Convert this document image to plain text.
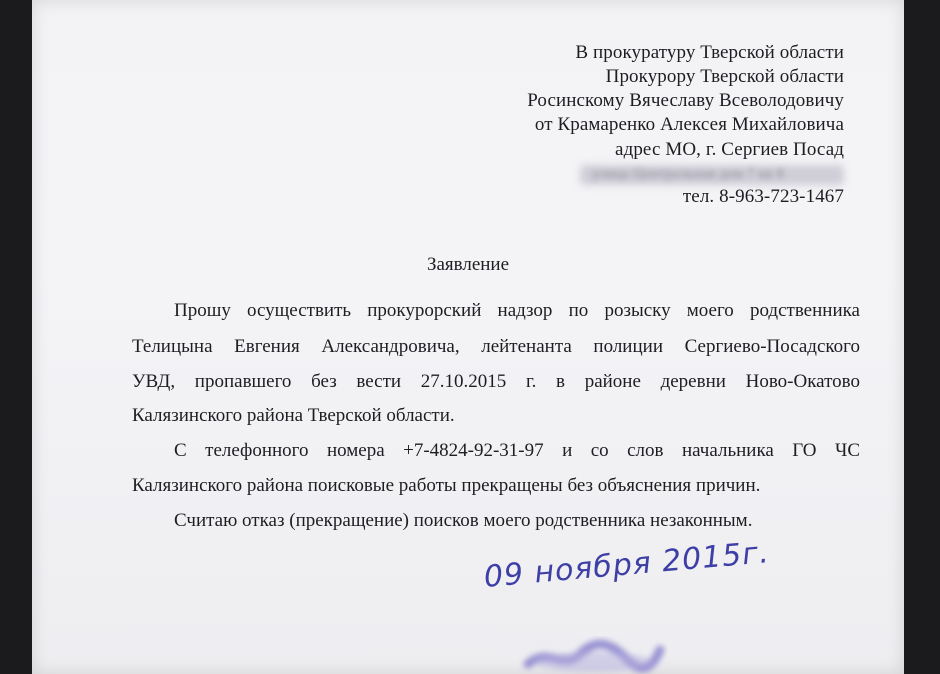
В прокуратуру Тверской области
Прокурору Тверской области
Росинскому Вячеславу Всеволодовичу
от Крамаренко Алексея Михайловича
адрес МО, г. Сергиев Посад
улица Центральная дом 7 кв 8
тел. 8-963-723-1467
Заявление
Прошу осуществить прокурорский надзор по розыску моего родственника
Телицына Евгения Александровича, лейтенанта полиции Сергиево-Посадского
УВД, пропавшего без вести 27.10.2015 г. в районе деревни Ново-Окатово
Калязинского района Тверской области.
С телефонного номера +7-4824-92-31-97 и со слов начальника ГО ЧС
Калязинского района поисковые работы прекращены без объяснения причин.
Считаю отказ (прекращение) поисков моего родственника незаконным.
09 ноября 2015г.
